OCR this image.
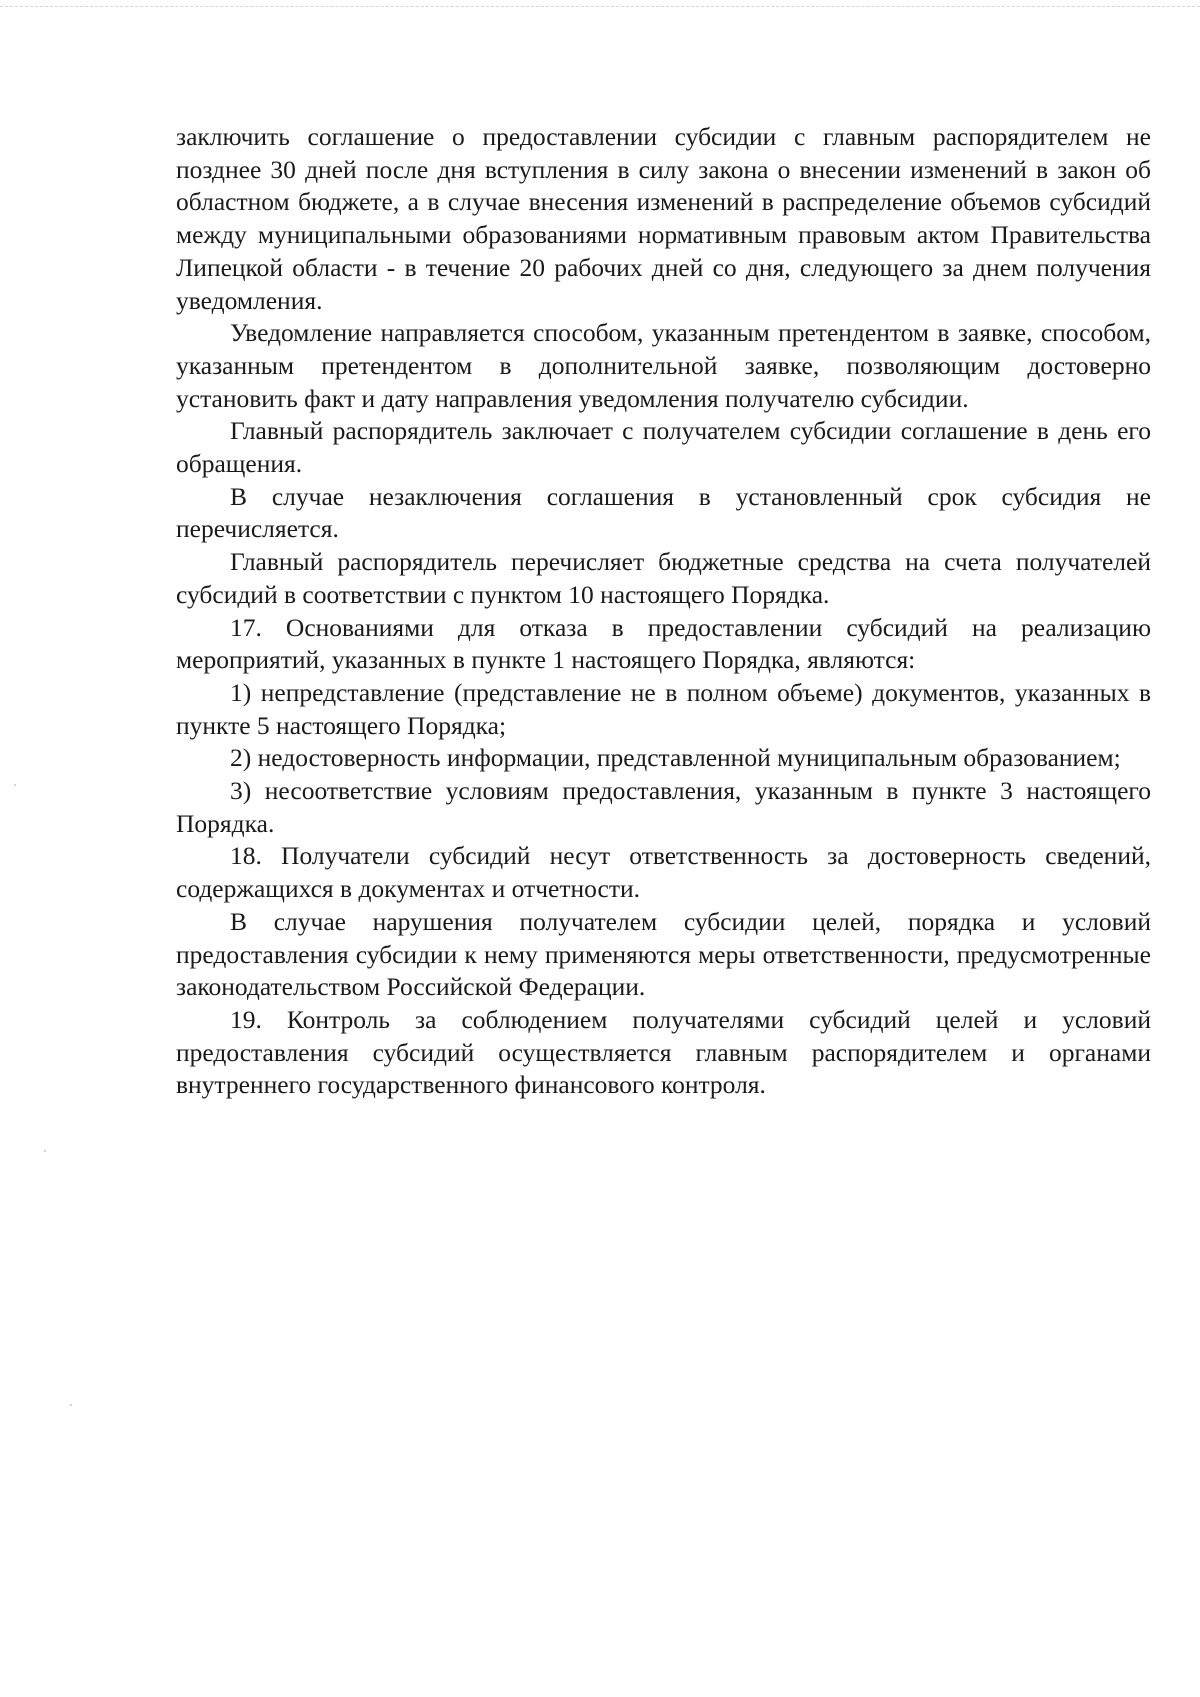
заключить соглашение о предоставлении субсидии с главным распорядителем не позднее 30 дней после дня вступления в силу закона о внесении изменений в закон об областном бюджете, а в случае внесения изменений в распределение объемов субсидий между муниципальными образованиями нормативным правовым актом Правительства Липецкой области - в течение 20 рабочих дней со дня, следующего за днем получения уведомления.

Уведомление направляется способом, указанным претендентом в заявке, способом, указанным претендентом в дополнительной заявке, позволяющим достоверно установить факт и дату направления уведомления получателю субсидии.

Главный распорядитель заключает с получателем субсидии соглашение в день его обращения.

В случае незаключения соглашения в установленный срок субсидия не перечисляется.

Главный распорядитель перечисляет бюджетные средства на счета получателей субсидий в соответствии с пунктом 10 настоящего Порядка.

17. Основаниями для отказа в предоставлении субсидий на реализацию мероприятий, указанных в пункте 1 настоящего Порядка, являются:

1) непредставление (представление не в полном объеме) документов, указанных в пункте 5 настоящего Порядка;

2) недостоверность информации, представленной муниципальным образованием;

3) несоответствие условиям предоставления, указанным в пункте 3 настоящего Порядка.

18. Получатели субсидий несут ответственность за достоверность сведений, содержащихся в документах и отчетности.

В случае нарушения получателем субсидии целей, порядка и условий предоставления субсидии к нему применяются меры ответственности, предусмотренные законодательством Российской Федерации.

19. Контроль за соблюдением получателями субсидий целей и условий предоставления субсидий осуществляется главным распорядителем и органами внутреннего государственного финансового контроля.
